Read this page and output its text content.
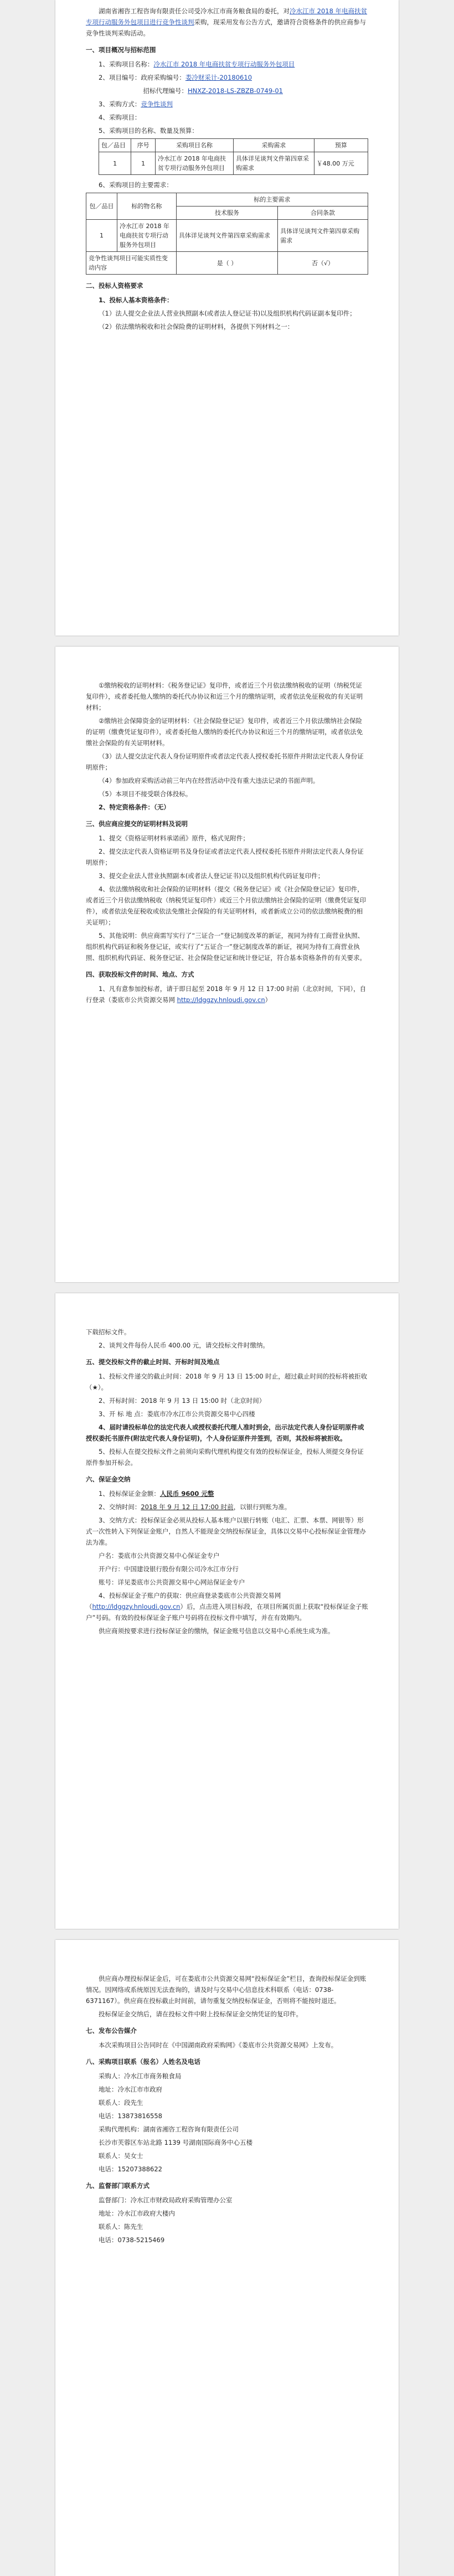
湖南省湘咨工程咨询有限责任公司受冷水江市商务粮食局的委托，对冷水江市 2018 年电商扶贫专项行动服务外包项目进行竞争性谈判采购，现采用发布公告方式，邀请符合资格条件的供应商参与竞争性谈判采购活动。

一、项目概况与招标范围

1、采购项目名称：冷水江市 2018 年电商扶贫专项行动服务外包项目

2、项目编号：政府采购编号：娄冷财采计-20180610

招标代理编号：HNXZ-2018-LS-ZBZB-0749-01

3、采购方式：竞争性谈判

4、采购项目：

5、采购项目的名称、数量及预算：

包／品目	序号	采购项目名称	采购需求	预算
1	1	冷水江市 2018 年电商扶贫专项行动服务外包项目	具体详见谈判文件第四章采购需求	￥48.00 万元

6、采购项目的主要需求：

包／品目	标的物名称	标的主要需求	
		技术服务	合同条款
1	冷水江市 2018 年电商扶贫专项行动服务外包项目	具体详见谈判文件第四章采购需求	具体详见谈判文件第四章采购需求
竞争性谈判项目可能实质性变动内容		是（ ）	否（√）

二、投标人资格要求

1、投标人基本资格条件：

（1）法人提交企业法人营业执照副本(或者法人登记证书)以及组织机构代码证副本复印件；

（2）依法缴纳税收和社会保险费的证明材料，各提供下列材料之一：

①缴纳税收的证明材料：《税务登记证》复印件，或者近三个月依法缴纳税收的证明（纳税凭证复印件），或者委托他人缴纳的委托代办协议和近三个月的缴纳证明，或者依法免征税收的有关证明材料；

②缴纳社会保障资金的证明材料：《社会保险登记证》复印件，或者近三个月依法缴纳社会保险的证明（缴费凭证复印件），或者委托他人缴纳的委托代办协议和近三个月的缴纳证明，或者依法免缴社会保险的有关证明材料。

（3）法人提交法定代表人身份证明原件或者法定代表人授权委托书原件并附法定代表人身份证明原件；

（4）参加政府采购活动前三年内在经营活动中没有重大违法记录的书面声明。

（5）本项目不接受联合体投标。

2、特定资格条件：（无）

三、供应商应提交的证明材料及说明

1、提交《资格证明材料承诺函》原件，格式见附件；

2、提交法定代表人资格证明书及身份证或者法定代表人授权委托书原件并附法定代表人身份证明原件；

3、提交企业法人营业执照副本(或者法人登记证书)以及组织机构代码证复印件；

4、依法缴纳税收和社会保险的证明材料（提交《税务登记证》或《社会保险登记证》复印件，或者近三个月依法缴纳税收（纳税凭证复印件）或近三个月依法缴纳社会保险的证明（缴费凭证复印件），或者依法免征税收或依法免缴社会保险的有关证明材料，或者新成立公司的依法缴纳税费的相关证明）；

5、其他说明：供应商需写实行了“三证合一”登记制度改革的新证，视同为持有工商营业执照、组织机构代码证和税务登记证，或实行了“五证合一”登记制度改革的新证，视同为持有工商营业执照、组织机构代码证、税务登记证、社会保险登记证和统计登记证，符合基本资格条件的有关要求。

四、获取投标文件的时间、地点、方式

1、凡有意参加投标者，请于即日起至 2018 年 9 月 12 日 17:00 时前（北京时间，下同），自行登录（娄底市公共资源交易网 http://ldggzy.hnloudi.gov.cn）

下载招标文件。

2、谈判文件每份人民币 400.00 元，请交投标文件时缴纳。

五、提交投标文件的截止时间、开标时间及地点

1、投标文件递交的截止时间：2018 年 9 月 13 日 15:00 时止，超过截止时间的投标将被拒收（★）。

2、开标时间：2018 年 9 月 13 日 15:00 时（北京时间）

3、开 标 地 点：娄底市冷水江市公共资源交易中心四楼

4、届时请投标单位的法定代表人或授权委托代理人准时到会，出示法定代表人身份证明原件或授权委托书原件(附法定代表人身份证明)，个人身份证原件并签到，否则，其投标将被拒收。

5、投标人在提交投标文件之前须向采购代理机构提交有效的投标保证金，投标人须提交身份证原件参加开标会。

六、保证金交纳

1、投标保证金金额：人民币 9600 元整

2、交纳时间：2018 年 9 月 12 日 17:00 时前，以银行到账为准。

3、交纳方式：投标保证金必须从投标人基本账户以银行转账（电汇、汇票、本票、网银等）形式一次性转入下列保证金账户，自然人不能现金交纳投标保证金，具体以交易中心投标保证金管理办法为准。

户名：娄底市公共资源交易中心保证金专户

开户行：中国建设银行股份有限公司冷水江市分行

账号：详见娄底市公共资源交易中心网站保证金专户

4、投标保证金子账户的获取：供应商登录娄底市公共资源交易网（http://ldggzy.hnloudi.gov.cn）后，点击进入项目标段，在项目所属页面上获取“投标保证金子账户”号码。有效的投标保证金子账户号码将在投标文件中填写，并在有效期内。

供应商须按要求进行投标保证金的缴纳，保证金账号信息以交易中心系统生成为准。

供应商办理投标保证金后，可在娄底市公共资源交易网“投标保证金”栏目，查询投标保证金到账情况。因网络或系统原因无法查询的，请及时与交易中心信息技术科联系（电话：0738-6371167）。供应商在投标截止时间前，请勿重复交纳投标保证金，否则将不能按时退还。

投标保证金交纳后，请在投标文件中附上投标保证金交纳凭证的复印件。

七、发布公告媒介

本次采购项目公告同时在《中国湖南政府采购网》《娄底市公共资源交易网》上发布。

八、采购项目联系（报名）人姓名及电话

采购人：冷水江市商务粮食局

地址：冷水江市市政府

联系人：段先生

电话：13873816558

采购代理机构：湖南省湘咨工程咨询有限责任公司

长沙市芙蓉区车站北路 1139 号湖南国际商务中心五楼

联系人：吴女士

电话：15207388622

九、监督部门联系方式

监督部门：冷水江市财政局政府采购管理办公室

地址：冷水江市政府大楼内

联系人：陈先生

电话：0738-5215469
